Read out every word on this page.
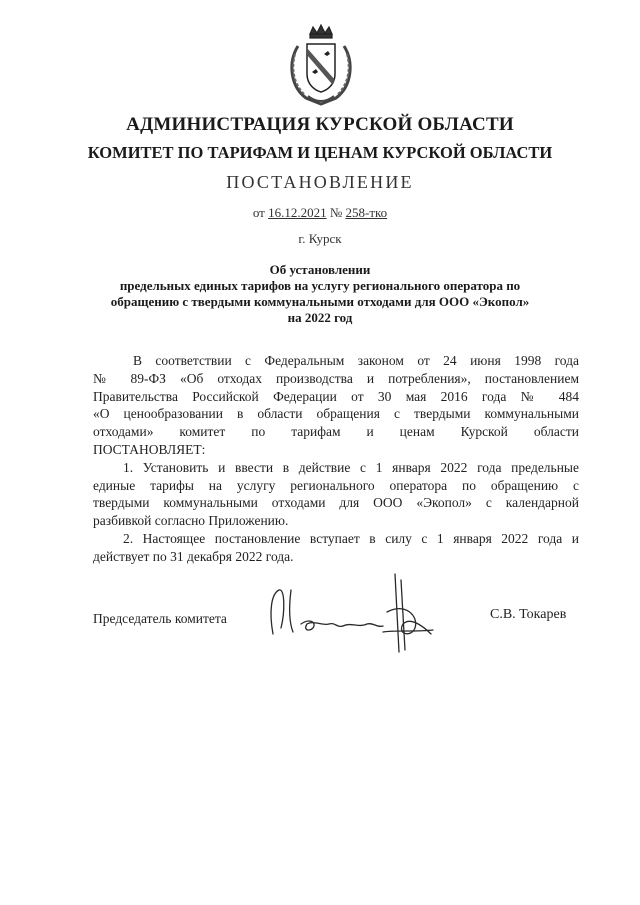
АДМИНИСТРАЦИЯ КУРСКОЙ ОБЛАСТИ
КОМИТЕТ ПО ТАРИФАМ И ЦЕНАМ КУРСКОЙ ОБЛАСТИ
ПОСТАНОВЛЕНИЕ
от 16.12.2021 № 258-тко
г. Курск
Об установлении
предельных единых тарифов на услугу регионального оператора по
обращению с твердыми коммунальными отходами для ООО «Экопол»
на 2022 год

В соответствии с Федеральным законом от 24 июня 1998 года

№ 89-ФЗ «Об отходах производства и потребления», постановлением

Правительства Российской Федерации от 30 мая 2016 года № 484

«О ценообразовании в области обращения с твердыми коммунальными

отходами» комитет по тарифам и ценам Курской области

ПОСТАНОВЛЯЕТ:

1. Установить и ввести в действие с 1 января 2022 года предельные

единые тарифы на услугу регионального оператора по обращению с

твердыми коммунальными отходами для ООО «Экопол» с календарной

разбивкой согласно Приложению.

2. Настоящее постановление вступает в силу с 1 января 2022 года и

действует по 31 декабря 2022 года.

Председатель комитета	С.В. Токарев
